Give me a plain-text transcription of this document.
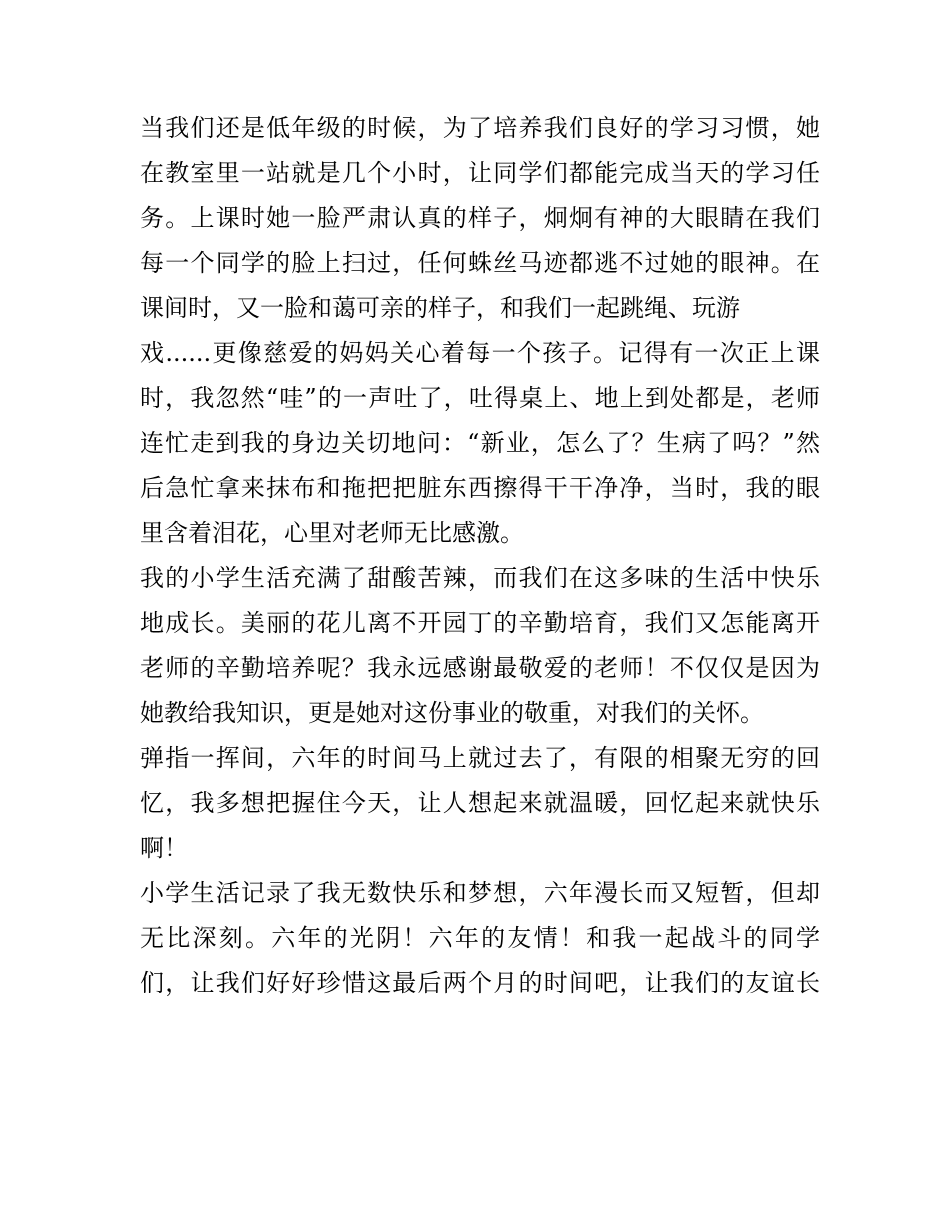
当我们还是低年级的时候，为了培养我们良好的学习习惯，她
在教室里一站就是几个小时，让同学们都能完成当天的学习任
务。上课时她一脸严肃认真的样子，炯炯有神的大眼睛在我们
每一个同学的脸上扫过，任何蛛丝马迹都逃不过她的眼神。在
课间时，又一脸和蔼可亲的样子，和我们一起跳绳、玩游
戏......更像慈爱的妈妈关心着每一个孩子。记得有一次正上课
时，我忽然“哇”的一声吐了，吐得桌上、地上到处都是，老师
连忙走到我的身边关切地问：“新业，怎么了？生病了吗？”然
后急忙拿来抹布和拖把把脏东西擦得干干净净，当时，我的眼
里含着泪花，心里对老师无比感激。
我的小学生活充满了甜酸苦辣，而我们在这多味的生活中快乐
地成长。美丽的花儿离不开园丁的辛勤培育，我们又怎能离开
老师的辛勤培养呢？我永远感谢最敬爱的老师！不仅仅是因为
她教给我知识，更是她对这份事业的敬重，对我们的关怀。
弹指一挥间，六年的时间马上就过去了，有限的相聚无穷的回
忆，我多想把握住今天，让人想起来就温暖，回忆起来就快乐
啊！
小学生活记录了我无数快乐和梦想，六年漫长而又短暂，但却
无比深刻。六年的光阴！六年的友情！和我一起战斗的同学
们，让我们好好珍惜这最后两个月的时间吧，让我们的友谊长
